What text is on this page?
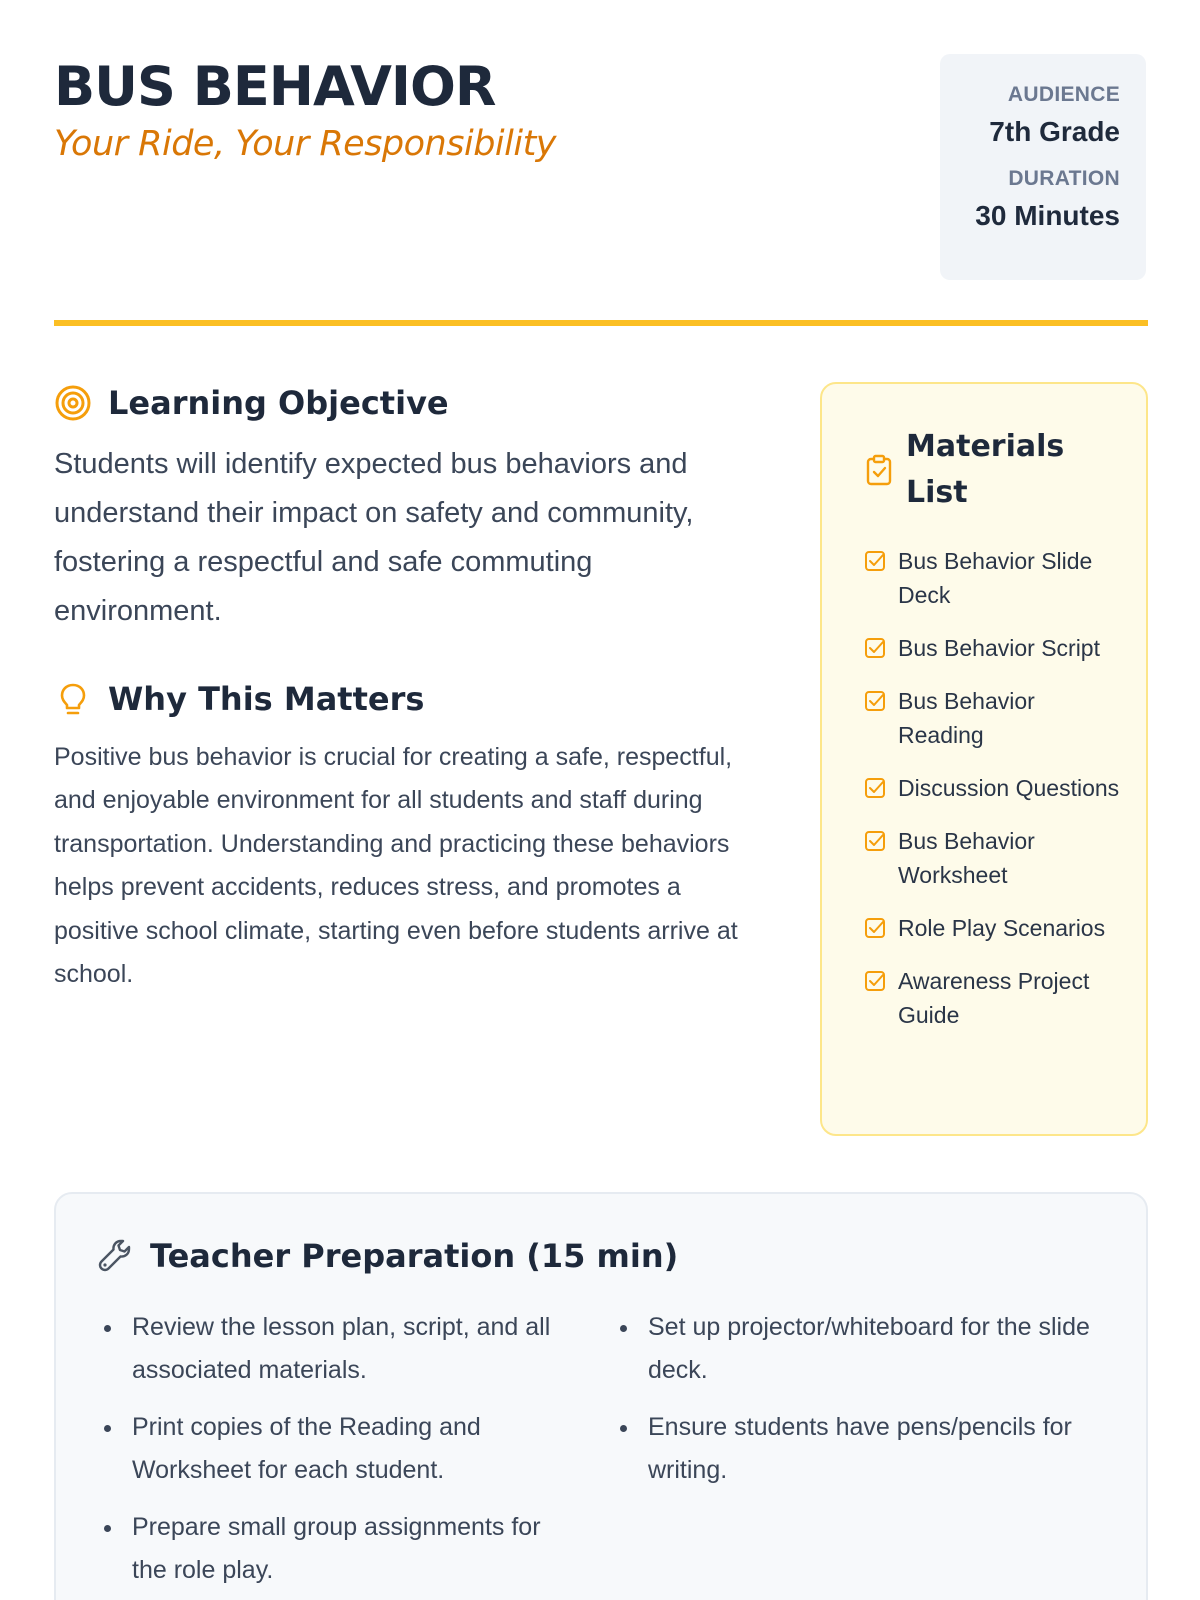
BUS BEHAVIOR

Your Ride, Your Responsibility

AUDIENCE
7th Grade
DURATION
30 Minutes
Learning Objective

Students will identify expected bus behaviors and understand their impact on safety and community, fostering a respectful and safe commuting environment.

Why This Matters

Positive bus behavior is crucial for creating a safe, respectful, and enjoyable environment for all students and staff during transportation. Understanding and practicing these behaviors helps prevent accidents, reduces stress, and promotes a positive school climate, starting even before students arrive at school.

Materials List
Bus Behavior Slide Deck
Bus Behavior Script
Bus Behavior Reading
Discussion Questions
Bus Behavior Worksheet
Role Play Scenarios
Awareness Project Guide
Teacher Preparation (15 min)
Review the lesson plan, script, and all associated materials.
Print copies of the Reading and Worksheet for each student.
Prepare small group assignments for the role play.
Set up projector/whiteboard for the slide deck.
Ensure students have pens/pencils for writing.
